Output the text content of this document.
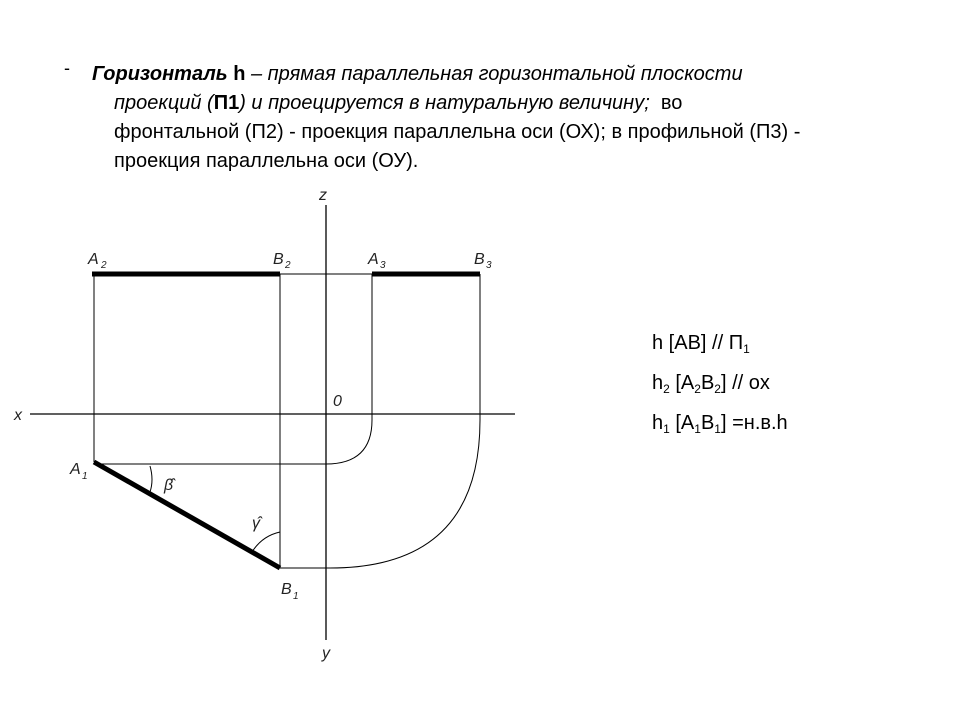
-	Горизонталь h – прямая параллельная горизонтальной плоскости
проекций (П1) и проецируется в натуральную величину;  во
фронтальной (П2) - проекция параллельна оси (ОХ); в профильной (П3) -
проекция параллельна оси (ОУ).
z
x
y
0
β̂
γ̂
A 2	B 2	A 3	B 3
A 1
B 1
h $[AB] // П_1$
$h_2$ $[A_2B_2]$ // ox
$h_1$ $[A_1B_1] =н.в.h$
